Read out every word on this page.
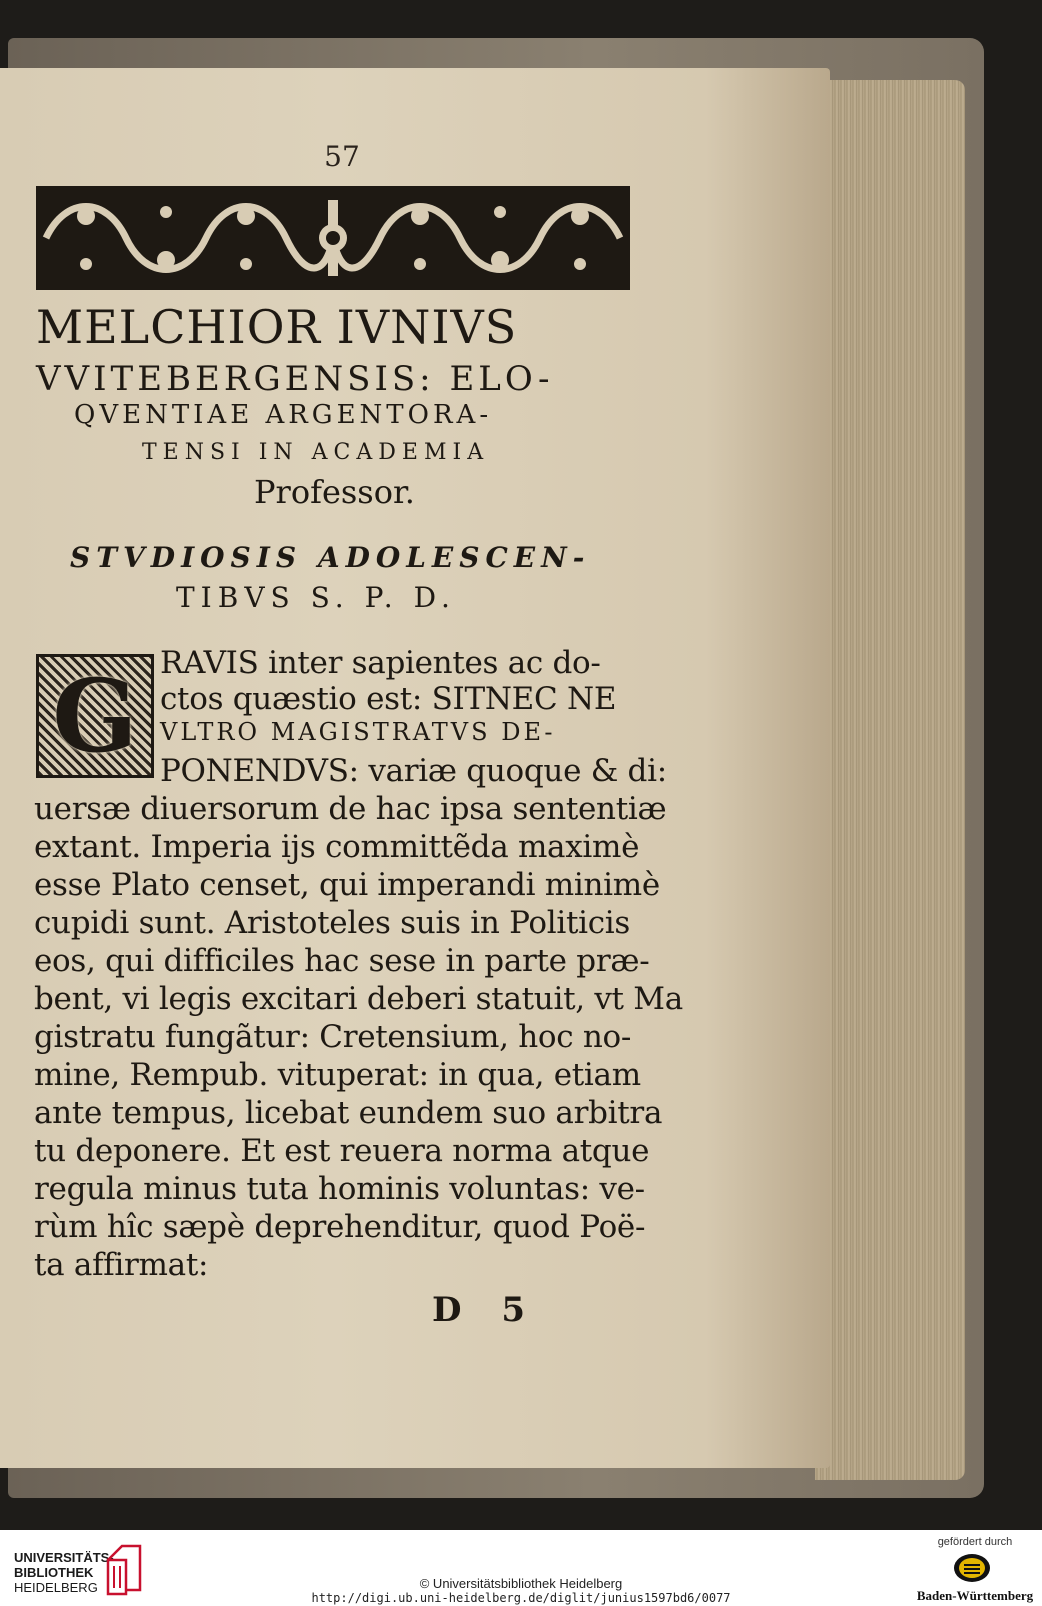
57
MELCHIOR IVNIVS
VVITEBERGENSIS: ELO-
QVENTIAE ARGENTORA-
TENSI IN ACADEMIA
Professor.
STVDIOSIS ADOLESCEN-
TIBVS S. P. D.
G RAVIS inter sapientes ac do-
ctos quæstio est: SITNEC NE
VLTRO MAGISTRATVS DE-
PONENDVS: variæ quoque & di:
uersæ diuersorum de hac ipsa sententiæ
extant. Imperia ijs committẽda maximè
esse Plato censet, qui imperandi minimè
cupidi sunt. Aristoteles suis in Politicis
eos, qui difficiles hac sese in parte præ-
bent, vi legis excitari deberi statuit, vt Ma
gistratu fungãtur: Cretensium, hoc no-
mine, Rempub. vituperat: in qua, etiam
ante tempus, licebat eundem suo arbitra
tu deponere. Et est reuera norma atque
regula minus tuta hominis voluntas: ve-
rùm hîc sæpè deprehenditur, quod Poë-
ta affirmat:
D 5
UNIVERSITÄTS-
BIBLIOTHEK
HEIDELBERG	© Universitätsbibliothek Heidelberg
http://digi.ub.uni-heidelberg.de/diglit/junius1597bd6/0077
gefördert durch
Baden-Württemberg
